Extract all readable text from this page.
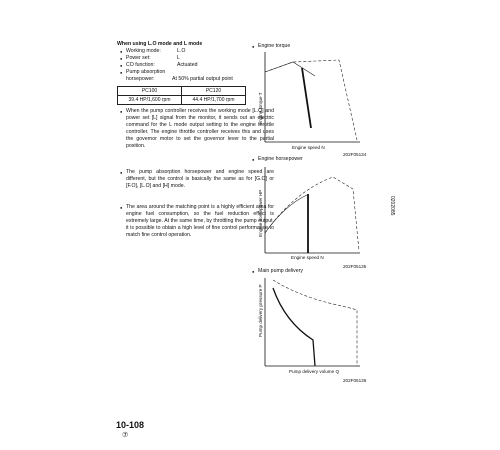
When using L.O mode and L mode
● Working mode:	L.O
● Power set:	L
● CO function:	Actuated
● Pump absorption
horsepower:	At 50% partial output point
PC100	PC120
39.4 HP/1,600 rpm	44.4 HP/1,700 rpm
● When the pump controller receives the working mode [L.O] and power set [L] signal from the monitor, it sends out an electric command for the L mode output setting to the engine throttle controller. The engine throttle controller receives this and uses the governor motor to set the governor lever to the partial position.
● The pump absorption horsepower and engine speed are different, but the control is basically the same as for [G.O] or [F.O], [L.O] and [H] mode.
● The area around the matching point is a highly efficient area for engine fuel consumption, so the fuel reduction effect is extremely large. At the same time, by throttling the pump output, it is possible to obtain a high level of fine control performance to match fine control operation.
● Engine torque
Engine torque T
Engine speed N
202F05134
● Engine horsepower
Engine horsepower HP
Engine speed N
202F05135
● Main pump delivery
Pump delivery pressure P
Pump delivery volume Q
202F05136
0202085
10-108
⑦
